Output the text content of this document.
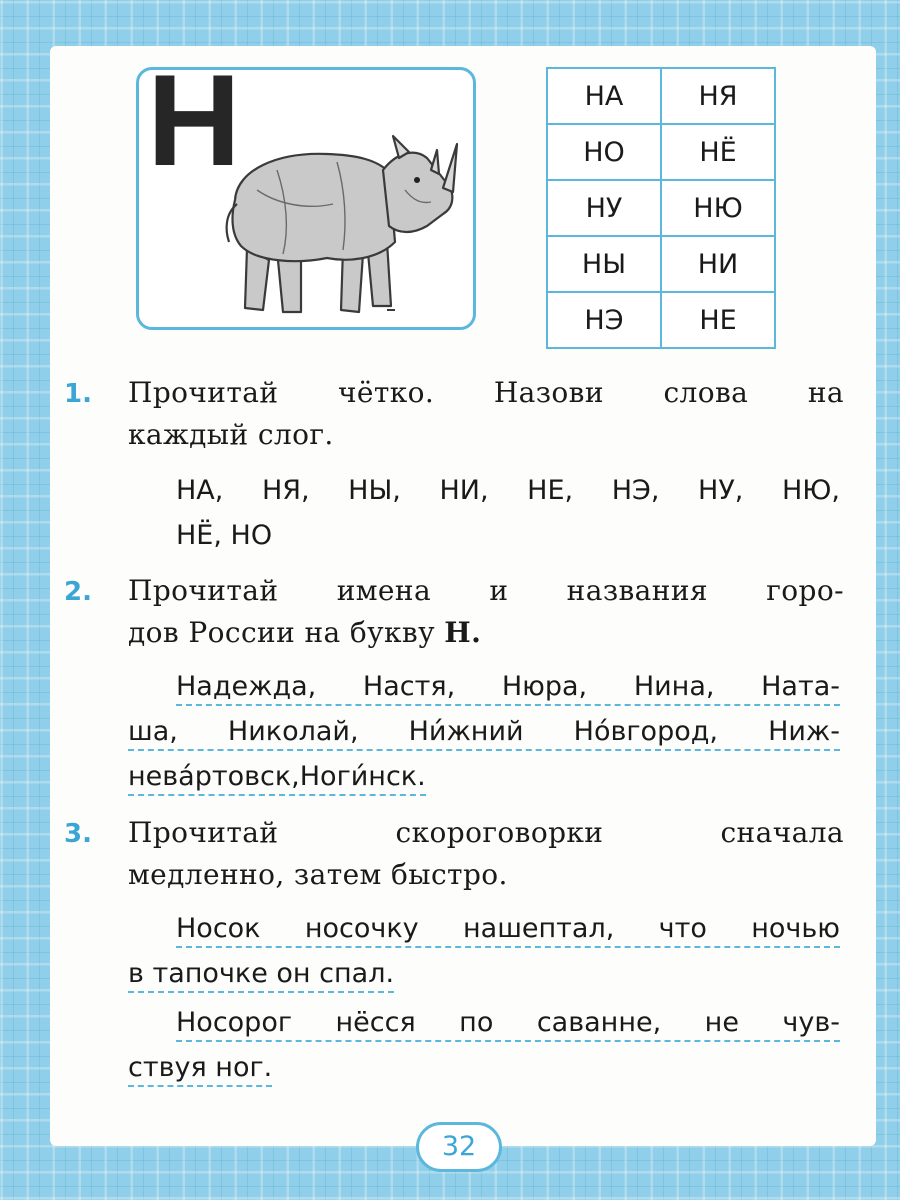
Н	НА	НЯ
НО	НЁ
НУ	НЮ
НЫ	НИ
НЭ	НЕ
1. Прочитай чётко. Назови слова на
каждый слог.
НА, НЯ, НЫ, НИ, НЕ, НЭ, НУ, НЮ,
НЁ, НО
2. Прочитай имена и названия горо-
дов России на букву Н.
Надежда, Настя, Нюра, Нина, Ната-
ша, Николай, Ни́жний Но́вгород, Ниж-
нева́ртовск,Ноги́нск.
3. Прочитай скороговорки сначала
медленно, затем быстро.
Носок носочку нашептал, что ночью
в тапочке он спал.
Носорог нёсся по саванне, не чув-
ствуя ног.
32
